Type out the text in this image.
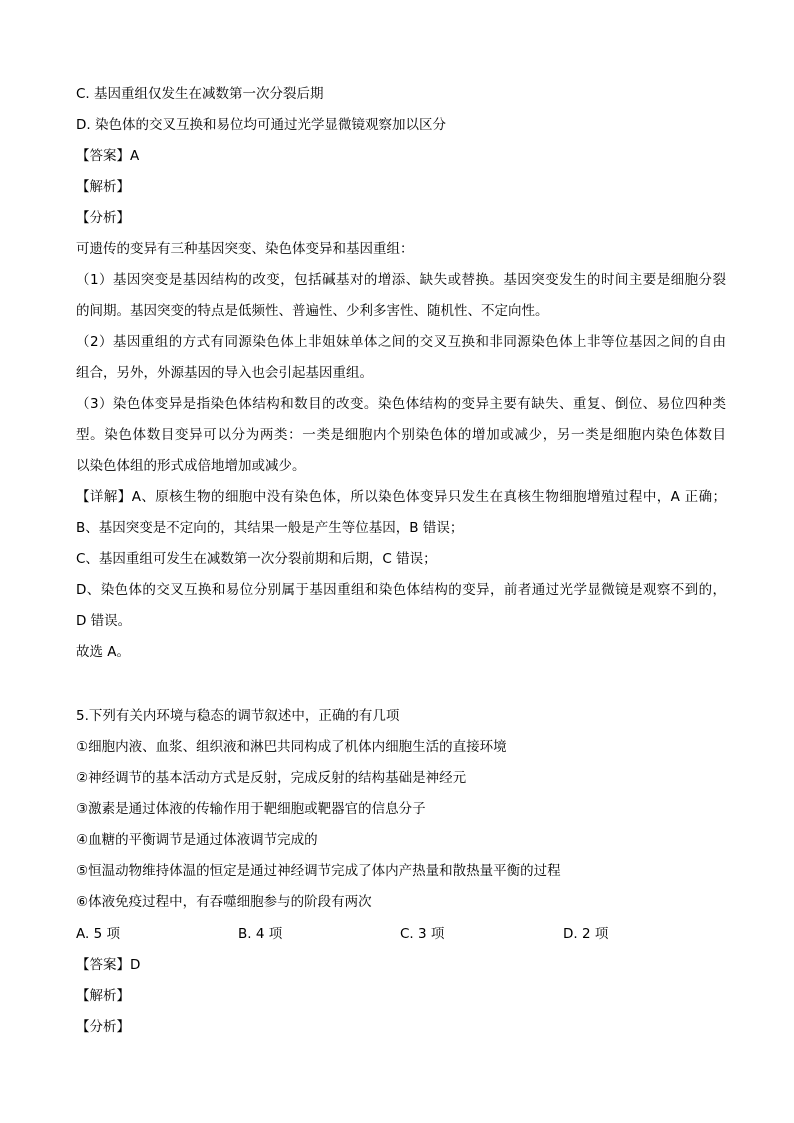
C. 基因重组仅发生在减数第一次分裂后期
D. 染色体的交叉互换和易位均可通过光学显微镜观察加以区分
【答案】A
【解析】
【分析】
可遗传的变异有三种基因突变、染色体变异和基因重组：
（1）基因突变是基因结构的改变，包括碱基对的增添、缺失或替换。基因突变发生的时间主要是细胞分裂
的间期。基因突变的特点是低频性、普遍性、少利多害性、随机性、不定向性。
（2）基因重组的方式有同源染色体上非姐妹单体之间的交叉互换和非同源染色体上非等位基因之间的自由
组合，另外，外源基因的导入也会引起基因重组。
（3）染色体变异是指染色体结构和数目的改变。染色体结构的变异主要有缺失、重复、倒位、易位四种类
型。染色体数目变异可以分为两类：一类是细胞内个别染色体的增加或减少，另一类是细胞内染色体数目
以染色体组的形式成倍地增加或减少。
【详解】A、原核生物的细胞中没有染色体，所以染色体变异只发生在真核生物细胞增殖过程中，A 正确；
B、基因突变是不定向的，其结果一般是产生等位基因，B 错误；
C、基因重组可发生在减数第一次分裂前期和后期，C 错误；
D、染色体的交叉互换和易位分别属于基因重组和染色体结构的变异，前者通过光学显微镜是观察不到的，
D 错误。
故选 A。
5.下列有关内环境与稳态的调节叙述中，正确的有几项
①细胞内液、血浆、组织液和淋巴共同构成了机体内细胞生活的直接环境
②神经调节的基本活动方式是反射，完成反射的结构基础是神经元
③激素是通过体液的传输作用于靶细胞或靶器官的信息分子
④血糖的平衡调节是通过体液调节完成的
⑤恒温动物维持体温的恒定是通过神经调节完成了体内产热量和散热量平衡的过程
⑥体液免疫过程中，有吞噬细胞参与的阶段有两次
A. 5 项	B. 4 项	C. 3 项	D. 2 项
【答案】D
【解析】
【分析】
